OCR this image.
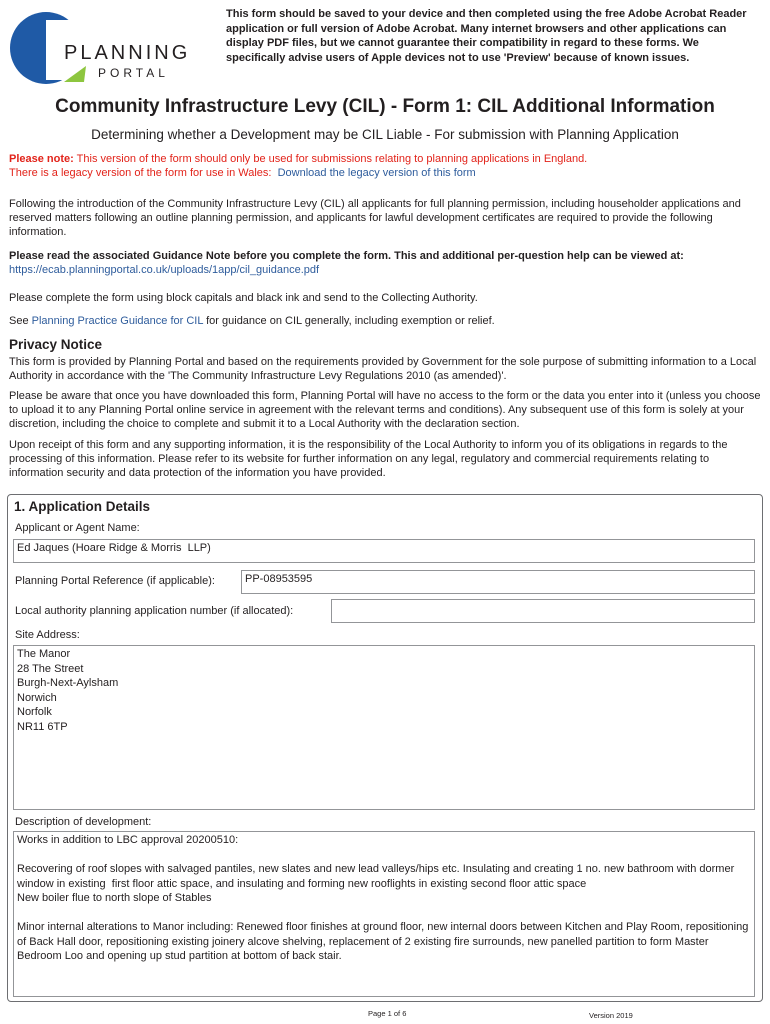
PLANNING
PORTAL
This form should be saved to your device and then completed using the free Adobe Acrobat Reader application or full version of Adobe Acrobat. Many internet browsers and other applications can display PDF files, but we cannot guarantee their compatibility in regard to these forms. We specifically advise users of Apple devices not to use 'Preview' because of known issues.
Community Infrastructure Levy (CIL) - Form 1: CIL Additional Information
Determining whether a Development may be CIL Liable - For submission with Planning Application
Please note: This version of the form should only be used for submissions relating to planning applications in England.
There is a legacy version of the form for use in Wales: Download the legacy version of this form
Following the introduction of the Community Infrastructure Levy (CIL) all applicants for full planning permission, including householder applications and reserved matters following an outline planning permission, and applicants for lawful development certificates are required to provide the following information.
Please read the associated Guidance Note before you complete the form. This and additional per-question help can be viewed at:
https://ecab.planningportal.co.uk/uploads/1app/cil_guidance.pdf
Please complete the form using block capitals and black ink and send to the Collecting Authority.
See Planning Practice Guidance for CIL for guidance on CIL generally, including exemption or relief.
Privacy Notice
This form is provided by Planning Portal and based on the requirements provided by Government for the sole purpose of submitting information to a Local Authority in accordance with the 'The Community Infrastructure Levy Regulations 2010 (as amended)'.
Please be aware that once you have downloaded this form, Planning Portal will have no access to the form or the data you enter into it (unless you choose to upload it to any Planning Portal online service in agreement with the relevant terms and conditions). Any subsequent use of this form is solely at your discretion, including the choice to complete and submit it to a Local Authority with the declaration section.
Upon receipt of this form and any supporting information, it is the responsibility of the Local Authority to inform you of its obligations in regards to the processing of this information. Please refer to its website for further information on any legal, regulatory and commercial requirements relating to information security and data protection of the information you have provided.
1. Application Details
Applicant or Agent Name:
Ed Jaques (Hoare Ridge & Morris  LLP)
Planning Portal Reference (if applicable):	PP-08953595
Local authority planning application number (if allocated):
Site Address:
The Manor
28 The Street
Burgh-Next-Aylsham
Norwich
Norfolk
NR11 6TP
Description of development:
Works in addition to LBC approval 20200510:

Recovering of roof slopes with salvaged pantiles, new slates and new lead valleys/hips etc. Insulating and creating 1 no. new bathroom with dormer window in existing  first floor attic space, and insulating and forming new rooflights in existing second floor attic space
New boiler flue to north slope of Stables

Minor internal alterations to Manor including: Renewed floor finishes at ground floor, new internal doors between Kitchen and Play Room, repositioning of Back Hall door, repositioning existing joinery alcove shelving, replacement of 2 existing fire surrounds, new panelled partition to form Master Bedroom Loo and opening up stud partition at bottom of back stair.
Page 1 of 6	Version 2019
